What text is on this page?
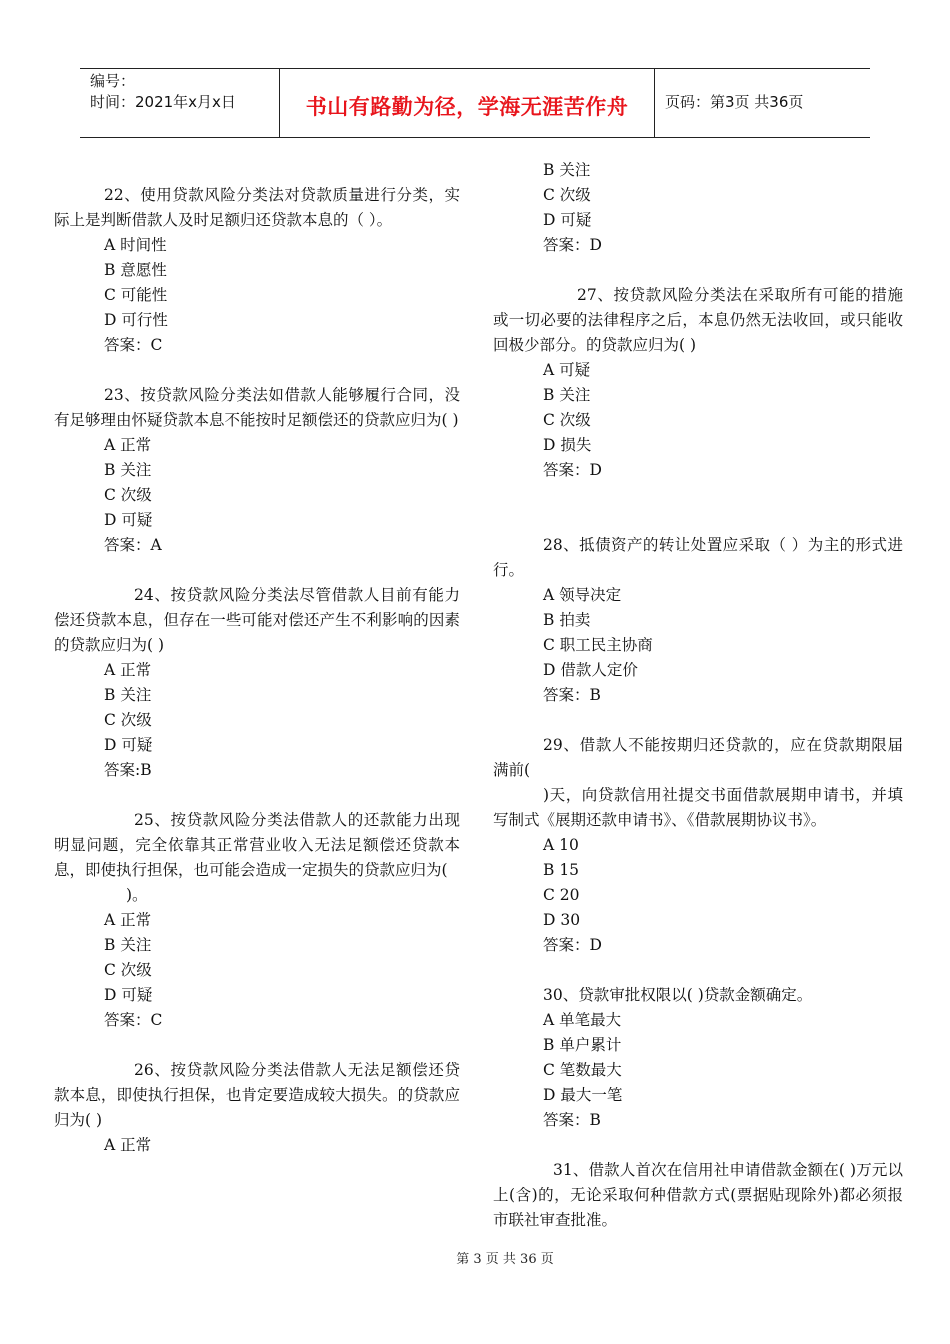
编号：
时间：2021年x月x日	书山有路勤为径，学海无涯苦作舟	页码：第3页 共36页

22、使用贷款风险分类法对贷款质量进行分类，实际上是判断借款人及时足额归还贷款本息的（ ）。

A 时间性

B 意愿性

C 可能性

D 可行性

答案：C

23、按贷款风险分类法如借款人能够履行合同，没有足够理由怀疑贷款本息不能按时足额偿还的贷款应归为( )

A 正常

B 关注

C 次级

D 可疑

答案：A

24、按贷款风险分类法尽管借款人目前有能力偿还贷款本息，但存在一些可能对偿还产生不利影响的因素的贷款应归为( )

A 正常

B 关注

C 次级

D 可疑

答案:B

25、按贷款风险分类法借款人的还款能力出现明显问题，完全依靠其正常营业收入无法足额偿还贷款本息，即使执行担保，也可能会造成一定损失的贷款应归为(

)。

A 正常

B 关注

C 次级

D 可疑

答案：C

26、按贷款风险分类法借款人无法足额偿还贷款本息，即使执行担保，也肯定要造成较大损失。的贷款应归为( )

A 正常

B 关注

C 次级

D 可疑

答案：D

27、按贷款风险分类法在采取所有可能的措施或一切必要的法律程序之后，本息仍然无法收回，或只能收回极少部分。的贷款应归为( )

A 可疑

B 关注

C 次级

D 损失

答案：D

28、抵债资产的转让处置应采取（ ）为主的形式进行。

A 领导决定

B 拍卖

C 职工民主协商

D 借款人定价

答案：B

29、借款人不能按期归还贷款的，应在贷款期限届满前(

)天，向贷款信用社提交书面借款展期申请书，并填写制式《展期还款申请书》、《借款展期协议书》。

A 10

B 15

C 20

D 30

答案：D

30、贷款审批权限以( )贷款金额确定。

A 单笔最大

B 单户累计

C 笔数最大

D 最大一笔

答案：B

31、借款人首次在信用社申请借款金额在( )万元以上(含)的，无论采取何种借款方式(票据贴现除外)都必须报市联社审查批准。

第 3 页 共 36 页
